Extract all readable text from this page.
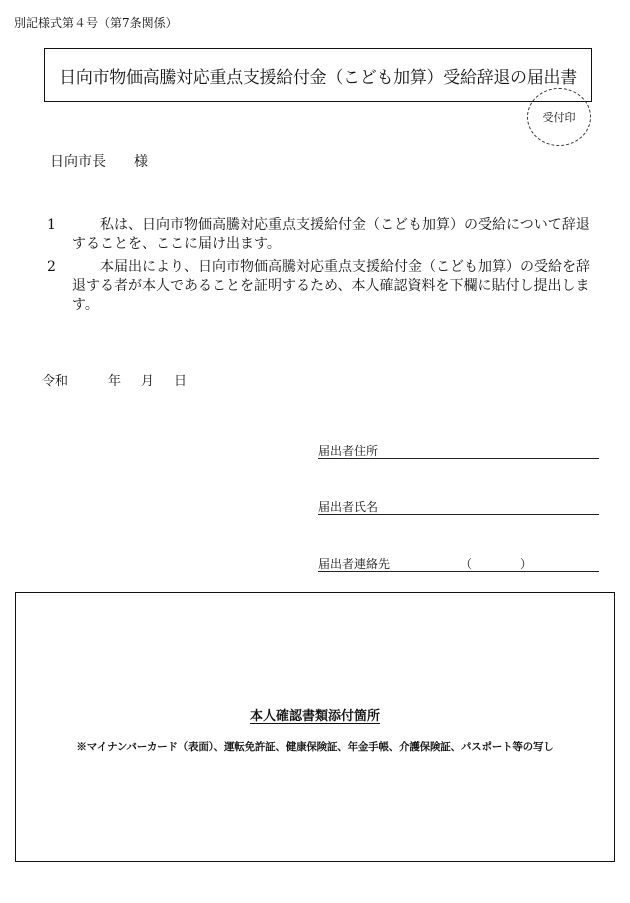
別記様式第４号（第7条関係）
日向市物価高騰対応重点支援給付金（こども加算）受給辞退の届出書
受付印
日向市長 様
1	私は、日向市物価高騰対応重点支援給付金（こども加算）の受給について辞退することを、ここに届け出ます。
2	本届出により、日向市物価高騰対応重点支援給付金（こども加算）の受給を辞退する者が本人であることを証明するため、本人確認資料を下欄に貼付し提出します。
令和	年 月 日
届出者住所
届出者氏名
届出者連絡先	（　　　　）
本人確認書類添付箇所
※マイナンバーカード（表面）、運転免許証、健康保険証、年金手帳、介護保険証、パスポート等の写し
